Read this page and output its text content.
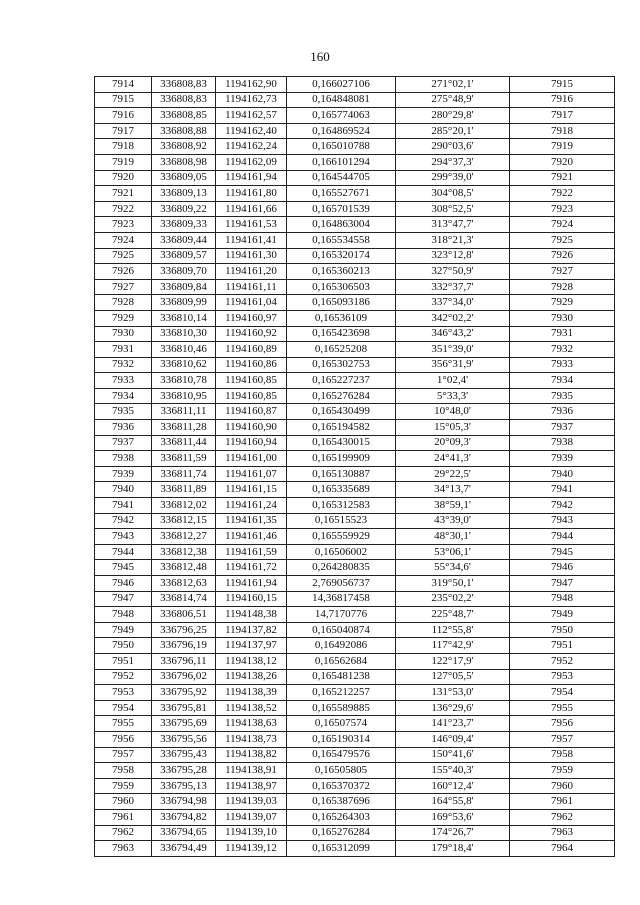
160
7914	336808,83	1194162,90	0,166027106	271°02,1'	7915
7915	336808,83	1194162,73	0,164848081	275°48,9'	7916
7916	336808,85	1194162,57	0,165774063	280°29,8'	7917
7917	336808,88	1194162,40	0,164869524	285°20,1'	7918
7918	336808,92	1194162,24	0,165010788	290°03,6'	7919
7919	336808,98	1194162,09	0,166101294	294°37,3'	7920
7920	336809,05	1194161,94	0,164544705	299°39,0'	7921
7921	336809,13	1194161,80	0,165527671	304°08,5'	7922
7922	336809,22	1194161,66	0,165701539	308°52,5'	7923
7923	336809,33	1194161,53	0,164863004	313°47,7'	7924
7924	336809,44	1194161,41	0,165534558	318°21,3'	7925
7925	336809,57	1194161,30	0,165320174	323°12,8'	7926
7926	336809,70	1194161,20	0,165360213	327°50,9'	7927
7927	336809,84	1194161,11	0,165306503	332°37,7'	7928
7928	336809,99	1194161,04	0,165093186	337°34,0'	7929
7929	336810,14	1194160,97	0,16536109	342°02,2'	7930
7930	336810,30	1194160,92	0,165423698	346°43,2'	7931
7931	336810,46	1194160,89	0,16525208	351°39,0'	7932
7932	336810,62	1194160,86	0,165302753	356°31,9'	7933
7933	336810,78	1194160,85	0,165227237	1°02,4'	7934
7934	336810,95	1194160,85	0,165276284	5°33,3'	7935
7935	336811,11	1194160,87	0,165430499	10°48,0'	7936
7936	336811,28	1194160,90	0,165194582	15°05,3'	7937
7937	336811,44	1194160,94	0,165430015	20°09,3'	7938
7938	336811,59	1194161,00	0,165199909	24°41,3'	7939
7939	336811,74	1194161,07	0,165130887	29°22,5'	7940
7940	336811,89	1194161,15	0,165335689	34°13,7'	7941
7941	336812,02	1194161,24	0,165312583	38°59,1'	7942
7942	336812,15	1194161,35	0,16515523	43°39,0'	7943
7943	336812,27	1194161,46	0,165559929	48°30,1'	7944
7944	336812,38	1194161,59	0,16506002	53°06,1'	7945
7945	336812,48	1194161,72	0,264280835	55°34,6'	7946
7946	336812,63	1194161,94	2,769056737	319°50,1'	7947
7947	336814,74	1194160,15	14,36817458	235°02,2'	7948
7948	336806,51	1194148,38	14,7170776	225°48,7'	7949
7949	336796,25	1194137,82	0,165040874	112°55,8'	7950
7950	336796,19	1194137,97	0,16492086	117°42,9'	7951
7951	336796,11	1194138,12	0,16562684	122°17,9'	7952
7952	336796,02	1194138,26	0,165481238	127°05,5'	7953
7953	336795,92	1194138,39	0,165212257	131°53,0'	7954
7954	336795,81	1194138,52	0,165589885	136°29,6'	7955
7955	336795,69	1194138,63	0,16507574	141°23,7'	7956
7956	336795,56	1194138,73	0,165190314	146°09,4'	7957
7957	336795,43	1194138,82	0,165479576	150°41,6'	7958
7958	336795,28	1194138,91	0,16505805	155°40,3'	7959
7959	336795,13	1194138,97	0,165370372	160°12,4'	7960
7960	336794,98	1194139,03	0,165387696	164°55,8'	7961
7961	336794,82	1194139,07	0,165264303	169°53,6'	7962
7962	336794,65	1194139,10	0,165276284	174°26,7'	7963
7963	336794,49	1194139,12	0,165312099	179°18,4'	7964
